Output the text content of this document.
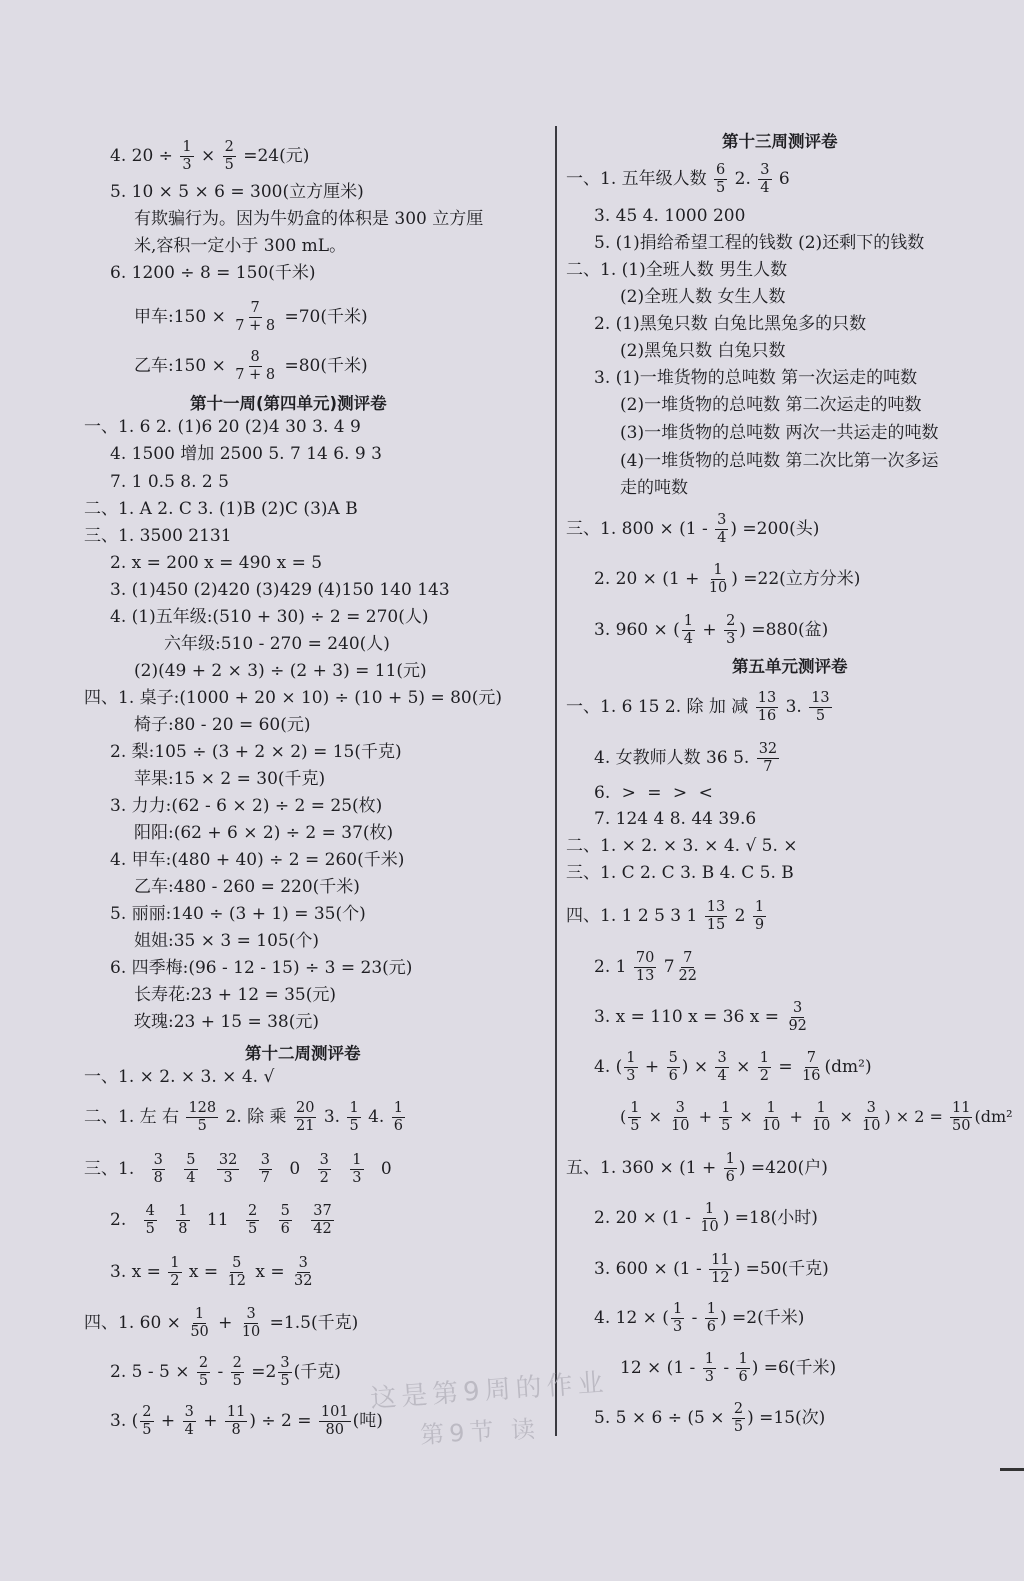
4. $20 \div \frac{1}{3} \times \frac{2}{5} =24$(元)
5. 10 × 5 × 6 = 300(立方厘米)
有欺骗行为。因为牛奶盒的体积是 300 立方厘
米,容积一定小于 300 mL。
6. 1200 ÷ 8 = 150(千米)
甲车:150 × $\frac{7}{7 + 8} =70$(千米)
乙车:150 × $\frac{8}{7 + 8} =80$(千米)
第十一周(第四单元)测评卷
一、1. 6 2. (1)6 20 (2)4 30 3. 4 9
4. 1500 增加 2500 5. 7 14 6. 9 3
7. 1 0.5 8. 2 5
二、1. A 2. C 3. (1)B (2)C (3)A B
三、1. 3500 2131
2. x = 200 x = 490 x = 5
3. (1)450 (2)420 (3)429 (4)150 140 143
4. (1)五年级:(510 + 30) ÷ 2 = 270(人)
六年级:510 - 270 = 240(人)
(2)(49 + 2 × 3) ÷ (2 + 3) = 11(元)
四、1. 桌子:(1000 + 20 × 10) ÷ (10 + 5) = 80(元)
椅子:80 - 20 = 60(元)
2. 梨:105 ÷ (3 + 2 × 2) = 15(千克)
苹果:15 × 2 = 30(千克)
3. 力力:(62 - 6 × 2) ÷ 2 = 25(枚)
阳阳:(62 + 6 × 2) ÷ 2 = 37(枚)
4. 甲车:(480 + 40) ÷ 2 = 260(千米)
乙车:480 - 260 = 220(千米)
5. 丽丽:140 ÷ (3 + 1) = 35(个)
姐姐:35 × 3 = 105(个)
6. 四季梅:(96 - 12 - 15) ÷ 3 = 23(元)
长寿花:23 + 12 = 35(元)
玫瑰:23 + 15 = 38(元)
第十二周测评卷
一、1. × 2. × 3. × 4. √
二、1. 左 右 $\frac{128}{5} 2$. 除 乘 $\frac{20}{21} 3$. $\frac{1}{5} 4$. $\frac{1}{6}$
三、1. $\frac{3}{8}$
$\frac{5}{4}$
$\frac{32}{3}$
$\frac{3}{7} 0 \frac{3}{2}$
$\frac{1}{3} 0$
2. $\frac{4}{5}$
$\frac{1}{8} 11 \frac{2}{5}$
$\frac{5}{6}$
$\frac{37}{42}$
3. $x = \frac{1}{2}$ $x = \frac{5}{12}$ $x = \frac{3}{32}$
四、1. $60 \times \frac{1}{50} + \frac{3}{10} =1.5$(千克)
2. $5 - 5 \times \frac{2}{5} - \frac{2}{5} =2 \frac{3}{5}$ (千克)
3. ( $\frac{2}{5} + \frac{3}{4} + \frac{11}{8}$ ) ÷ $2 = \frac{101}{80}$ (吨)
第十三周测评卷
一、1. 五年级人数 $\frac{6}{5} 2$. $\frac{3}{4} 6$
3. 45 4. 1000 200
5. (1)捐给希望工程的钱数 (2)还剩下的钱数
二、1. (1)全班人数 男生人数
(2)全班人数 女生人数
2. (1)黑兔只数 白兔比黑兔多的只数
(2)黑兔只数 白兔只数
3. (1)一堆货物的总吨数 第一次运走的吨数
(2)一堆货物的总吨数 第二次运走的吨数
(3)一堆货物的总吨数 两次一共运走的吨数
(4)一堆货物的总吨数 第二次比第一次多运
走的吨数
三、1. $800 \times (1 - \frac{3}{4}$ ) =200(头)
2. $20 \times (1 + \frac{1}{10}$ ) =22(立方分米)
3. 960 × ( $\frac{1}{4} + \frac{2}{3}$ ) =880(盆)
第五单元测评卷
一、1. 6 15 2. 除 加 减 $\frac{13}{16} 3$. $\frac{13}{5}$
4. 女教师人数 36 5. $\frac{32}{7}$
6. > = > <
7. 124 4 8. 44 39.6
二、1. × 2. × 3. × 4. √ 5. ×
三、1. C 2. C 3. B 4. C 5. B
四、1. 1 2 5 3 $1 \frac{13}{15} 2 \frac{1}{9}$
2. $1 \frac{70}{13} 7 \frac{7}{22}$
3. x = 110 x = 36 $x = \frac{3}{92}$
4. ( $\frac{1}{3} + \frac{5}{6}$ ) × $\frac{3}{4} \times \frac{1}{2} = \frac{7}{16} (dm^2)$
( $\frac{1}{5} \times \frac{3}{10} + \frac{1}{5} \times \frac{1}{10} + \frac{1}{10} \times \frac{3}{10}$ ) × $2 = \frac{11}{50} (dm^2$
五、1. $360 \times (1 + \frac{1}{6}$ ) =420(户)
2. $20 \times (1 - \frac{1}{10}$ ) =18(小时)
3. $600 \times (1 - \frac{11}{12}$ ) =50(千克)
4. 12 × ( $\frac{1}{3} - \frac{1}{6}$ ) =2(千米)
$12 \times (1 - \frac{1}{3} - \frac{1}{6}$ ) =6(千米)
5. $5 \times 6 \div (5 \times \frac{2}{5}$ ) =15(次)
这是第9周的作业
第9节 读
